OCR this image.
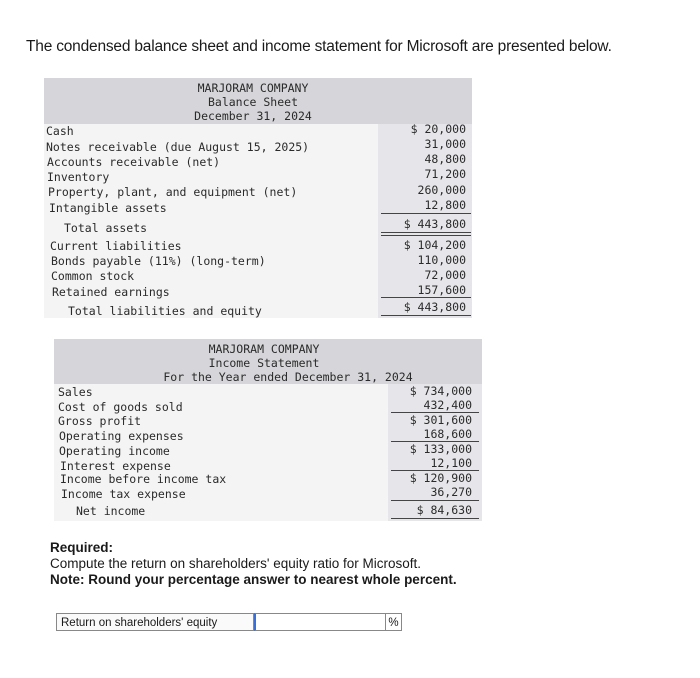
The condensed balance sheet and income statement for Microsoft are presented below.
MARJORAM COMPANY
Balance Sheet
December 31, 2024
Cash
Notes receivable (due August 15, 2025)
Accounts receivable (net)
Inventory
Property, plant, and equipment (net)
Intangible assets
Total assets
Current liabilities
Bonds payable (11%) (long-term)
Common stock
Retained earnings
Total liabilities and equity
$ 20,000
31,000
48,800
71,200
260,000
12,800
$ 443,800
$ 104,200
110,000
72,000
157,600
$ 443,800
MARJORAM COMPANY
Income Statement
For the Year ended December 31, 2024
Sales
Cost of goods sold
Gross profit
Operating expenses
Operating income
Interest expense
Income before income tax
Income tax expense
Net income
$ 734,000
432,400
$ 301,600
168,600
$ 133,000
12,100
$ 120,900
36,270
$ 84,630
Required:
Compute the return on shareholders' equity ratio for Microsoft.
Note: Round your percentage answer to nearest whole percent.
Return on shareholders' equity	%
